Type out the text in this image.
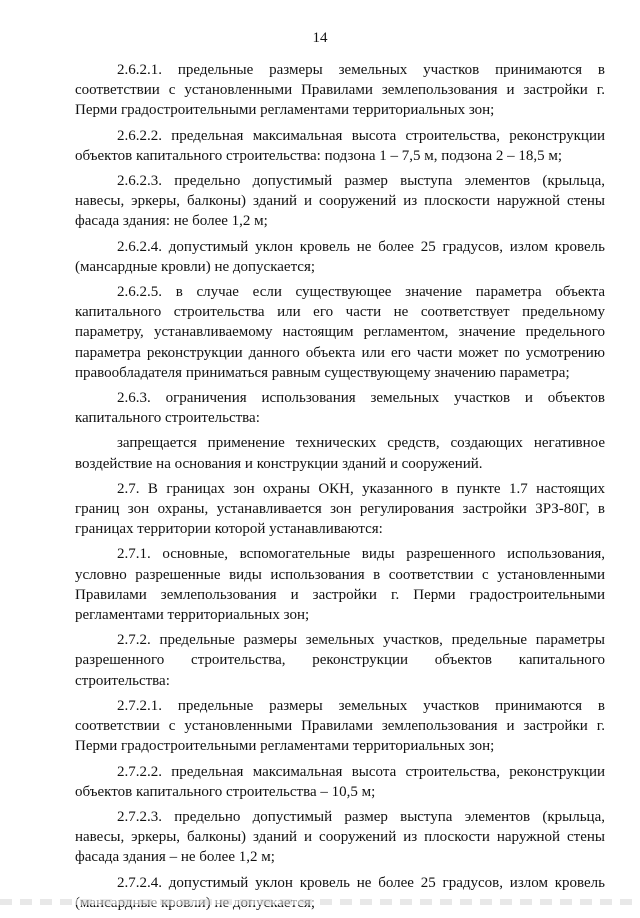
14

2.6.2.1. предельные размеры земельных участков принимаются в соответствии с установленными Правилами землепользования и застройки г. Перми градостроительными регламентами территориальных зон;

2.6.2.2. предельная максимальная высота строительства, реконструкции объектов капитального строительства: подзона 1 – 7,5 м, подзона 2 – 18,5 м;

2.6.2.3. предельно допустимый размер выступа элементов (крыльца, навесы, эркеры, балконы) зданий и сооружений из плоскости наружной стены фасада здания: не более 1,2 м;

2.6.2.4. допустимый уклон кровель не более 25 градусов, излом кровель (мансардные кровли) не допускается;

2.6.2.5. в случае если существующее значение параметра объекта капитального строительства или его части не соответствует предельному параметру, устанавливаемому настоящим регламентом, значение предельного параметра реконструкции данного объекта или его части может по усмотрению правообладателя приниматься равным существующему значению параметра;

2.6.3. ограничения использования земельных участков и объектов капитального строительства:

запрещается применение технических средств, создающих негативное воздействие на основания и конструкции зданий и сооружений.

2.7. В границах зон охраны ОКН, указанного в пункте 1.7 настоящих границ зон охраны, устанавливается зон регулирования застройки ЗРЗ-80Г, в границах территории которой устанавливаются:

2.7.1. основные, вспомогательные виды разрешенного использования, условно разрешенные виды использования в соответствии с установленными Правилами землепользования и застройки г. Перми градостроительными регламентами территориальных зон;

2.7.2. предельные размеры земельных участков, предельные параметры разрешенного строительства, реконструкции объектов капитального строительства:

2.7.2.1. предельные размеры земельных участков принимаются в соответствии с установленными Правилами землепользования и застройки г. Перми градостроительными регламентами территориальных зон;

2.7.2.2. предельная максимальная высота строительства, реконструкции объектов капитального строительства – 10,5 м;

2.7.2.3. предельно допустимый размер выступа элементов (крыльца, навесы, эркеры, балконы) зданий и сооружений из плоскости наружной стены фасада здания – не более 1,2 м;

2.7.2.4. допустимый уклон кровель не более 25 градусов, излом кровель
